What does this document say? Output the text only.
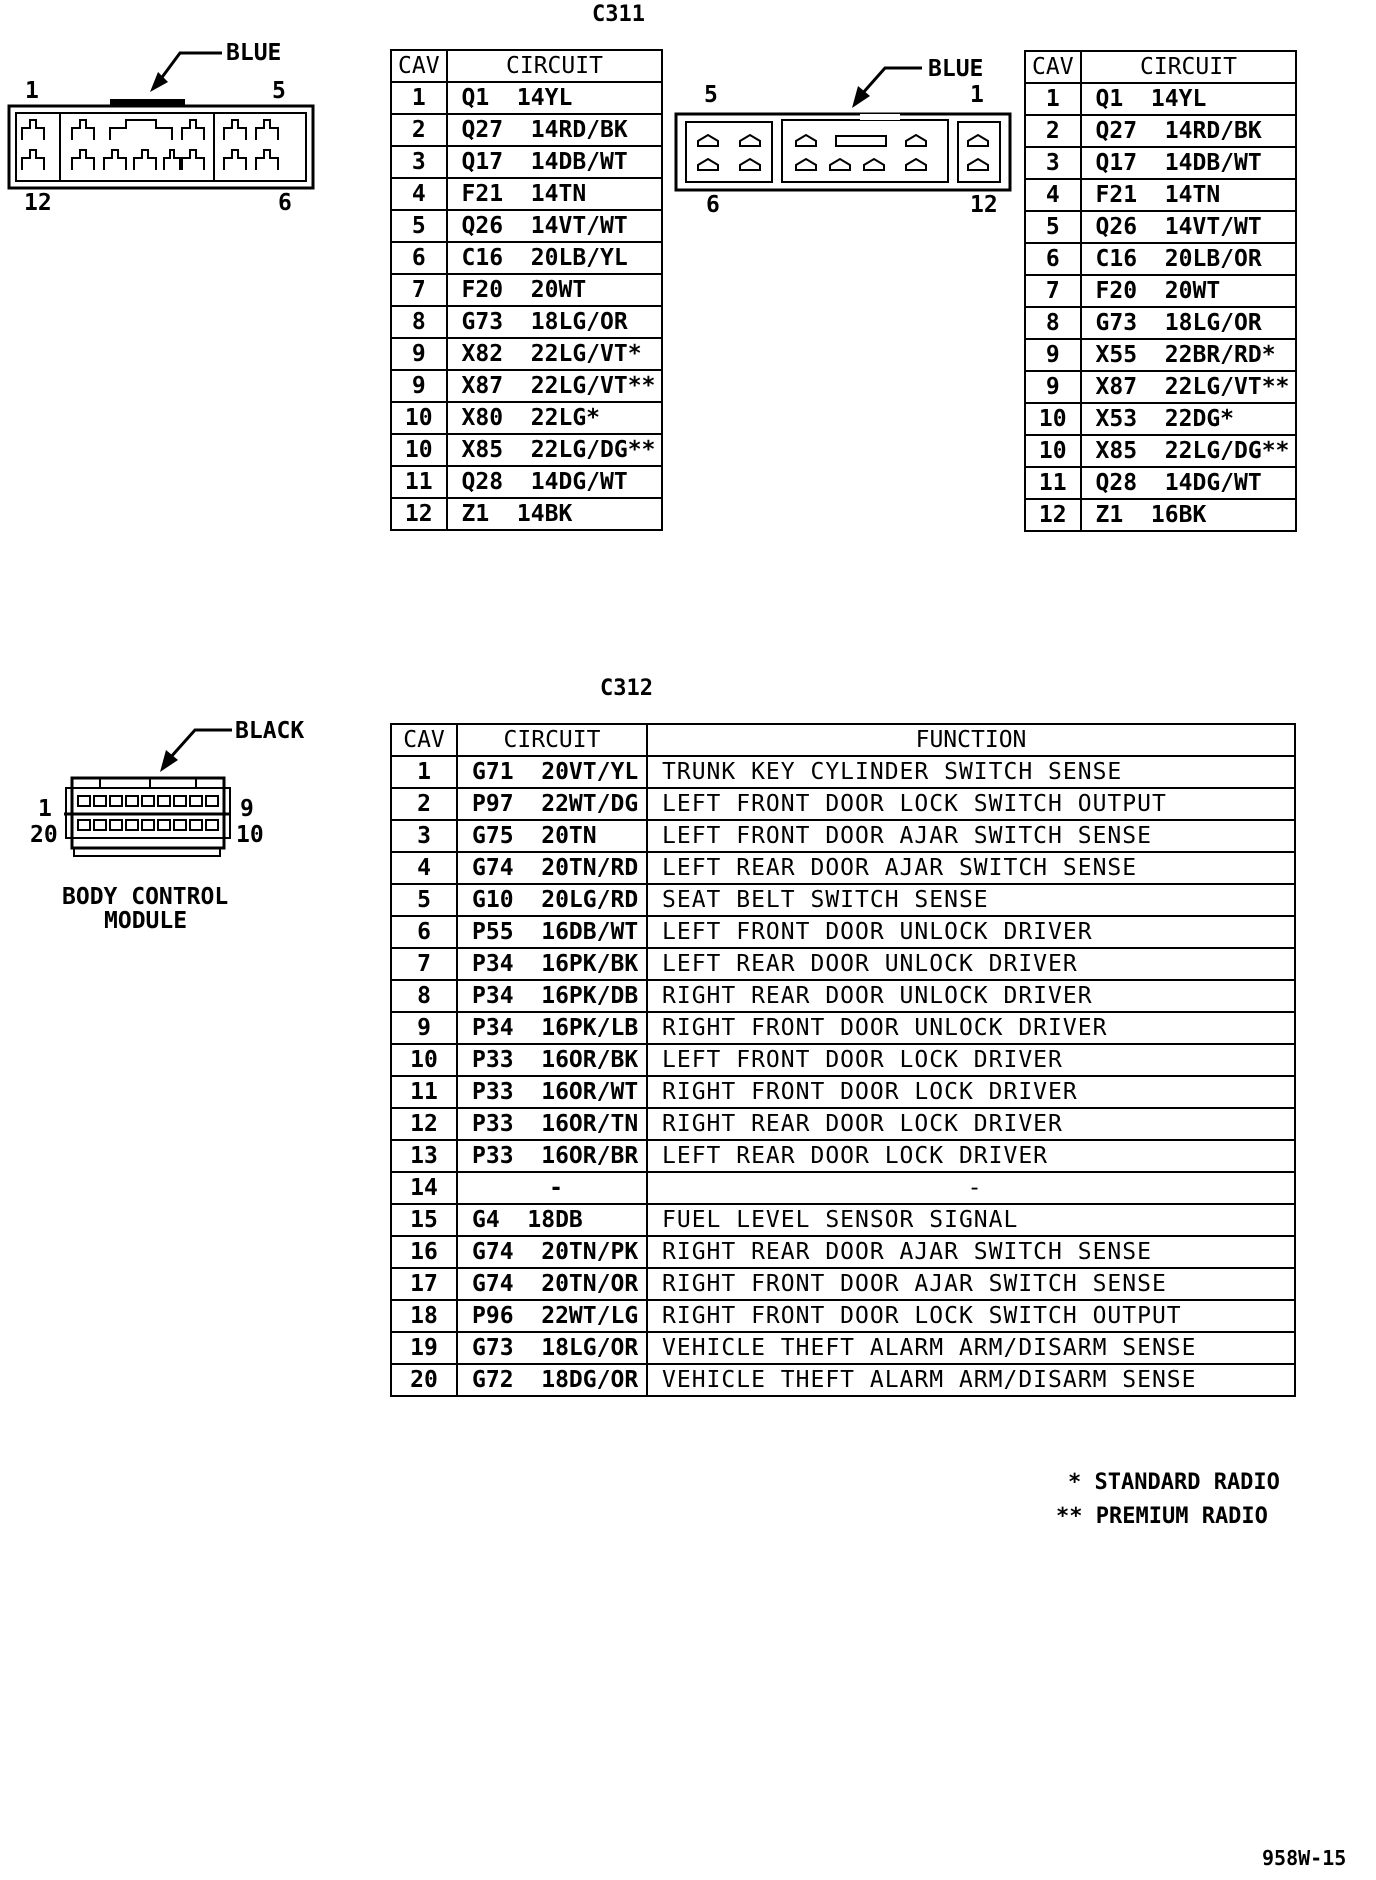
C311
BLUE
1	5
12	6
CAV	CIRCUIT
1	Q1  14YL
2	Q27  14RD/BK
3	Q17  14DB/WT
4	F21  14TN
5	Q26  14VT/WT
6	C16  20LB/YL
7	F20  20WT
8	G73  18LG/OR
9	X82  22LG/VT*
9	X87  22LG/VT**
10	X80  22LG*
10	X85  22LG/DG**
11	Q28  14DG/WT
12	Z1  14BK
BLUE
5	1
6	12
CAV	CIRCUIT
1	Q1  14YL
2	Q27  14RD/BK
3	Q17  14DB/WT
4	F21  14TN
5	Q26  14VT/WT
6	C16  20LB/OR
7	F20  20WT
8	G73  18LG/OR
9	X55  22BR/RD*
9	X87  22LG/VT**
10	X53  22DG*
10	X85  22LG/DG**
11	Q28  14DG/WT
12	Z1  16BK
C312
BLACK
1	9
20	10
BODY CONTROL
MODULE
CAV	CIRCUIT	FUNCTION
1	G71  20VT/YL	TRUNK KEY CYLINDER SWITCH SENSE
2	P97  22WT/DG	LEFT FRONT DOOR LOCK SWITCH OUTPUT
3	G75  20TN	LEFT FRONT DOOR AJAR SWITCH SENSE
4	G74  20TN/RD	LEFT REAR DOOR AJAR SWITCH SENSE
5	G10  20LG/RD	SEAT BELT SWITCH SENSE
6	P55  16DB/WT	LEFT FRONT DOOR UNLOCK DRIVER
7	P34  16PK/BK	LEFT REAR DOOR UNLOCK DRIVER
8	P34  16PK/DB	RIGHT REAR DOOR UNLOCK DRIVER
9	P34  16PK/LB	RIGHT FRONT DOOR UNLOCK DRIVER
10	P33  16OR/BK	LEFT FRONT DOOR LOCK DRIVER
11	P33  16OR/WT	RIGHT FRONT DOOR LOCK DRIVER
12	P33  16OR/TN	RIGHT REAR DOOR LOCK DRIVER
13	P33  16OR/BR	LEFT REAR DOOR LOCK DRIVER
14	-	-
15	G4  18DB	FUEL LEVEL SENSOR SIGNAL
16	G74  20TN/PK	RIGHT REAR DOOR AJAR SWITCH SENSE
17	G74  20TN/OR	RIGHT FRONT DOOR AJAR SWITCH SENSE
18	P96  22WT/LG	RIGHT FRONT DOOR LOCK SWITCH OUTPUT
19	G73  18LG/OR	VEHICLE THEFT ALARM ARM/DISARM SENSE
20	G72  18DG/OR	VEHICLE THEFT ALARM ARM/DISARM SENSE
* STANDARD RADIO
** PREMIUM RADIO
958W-15
